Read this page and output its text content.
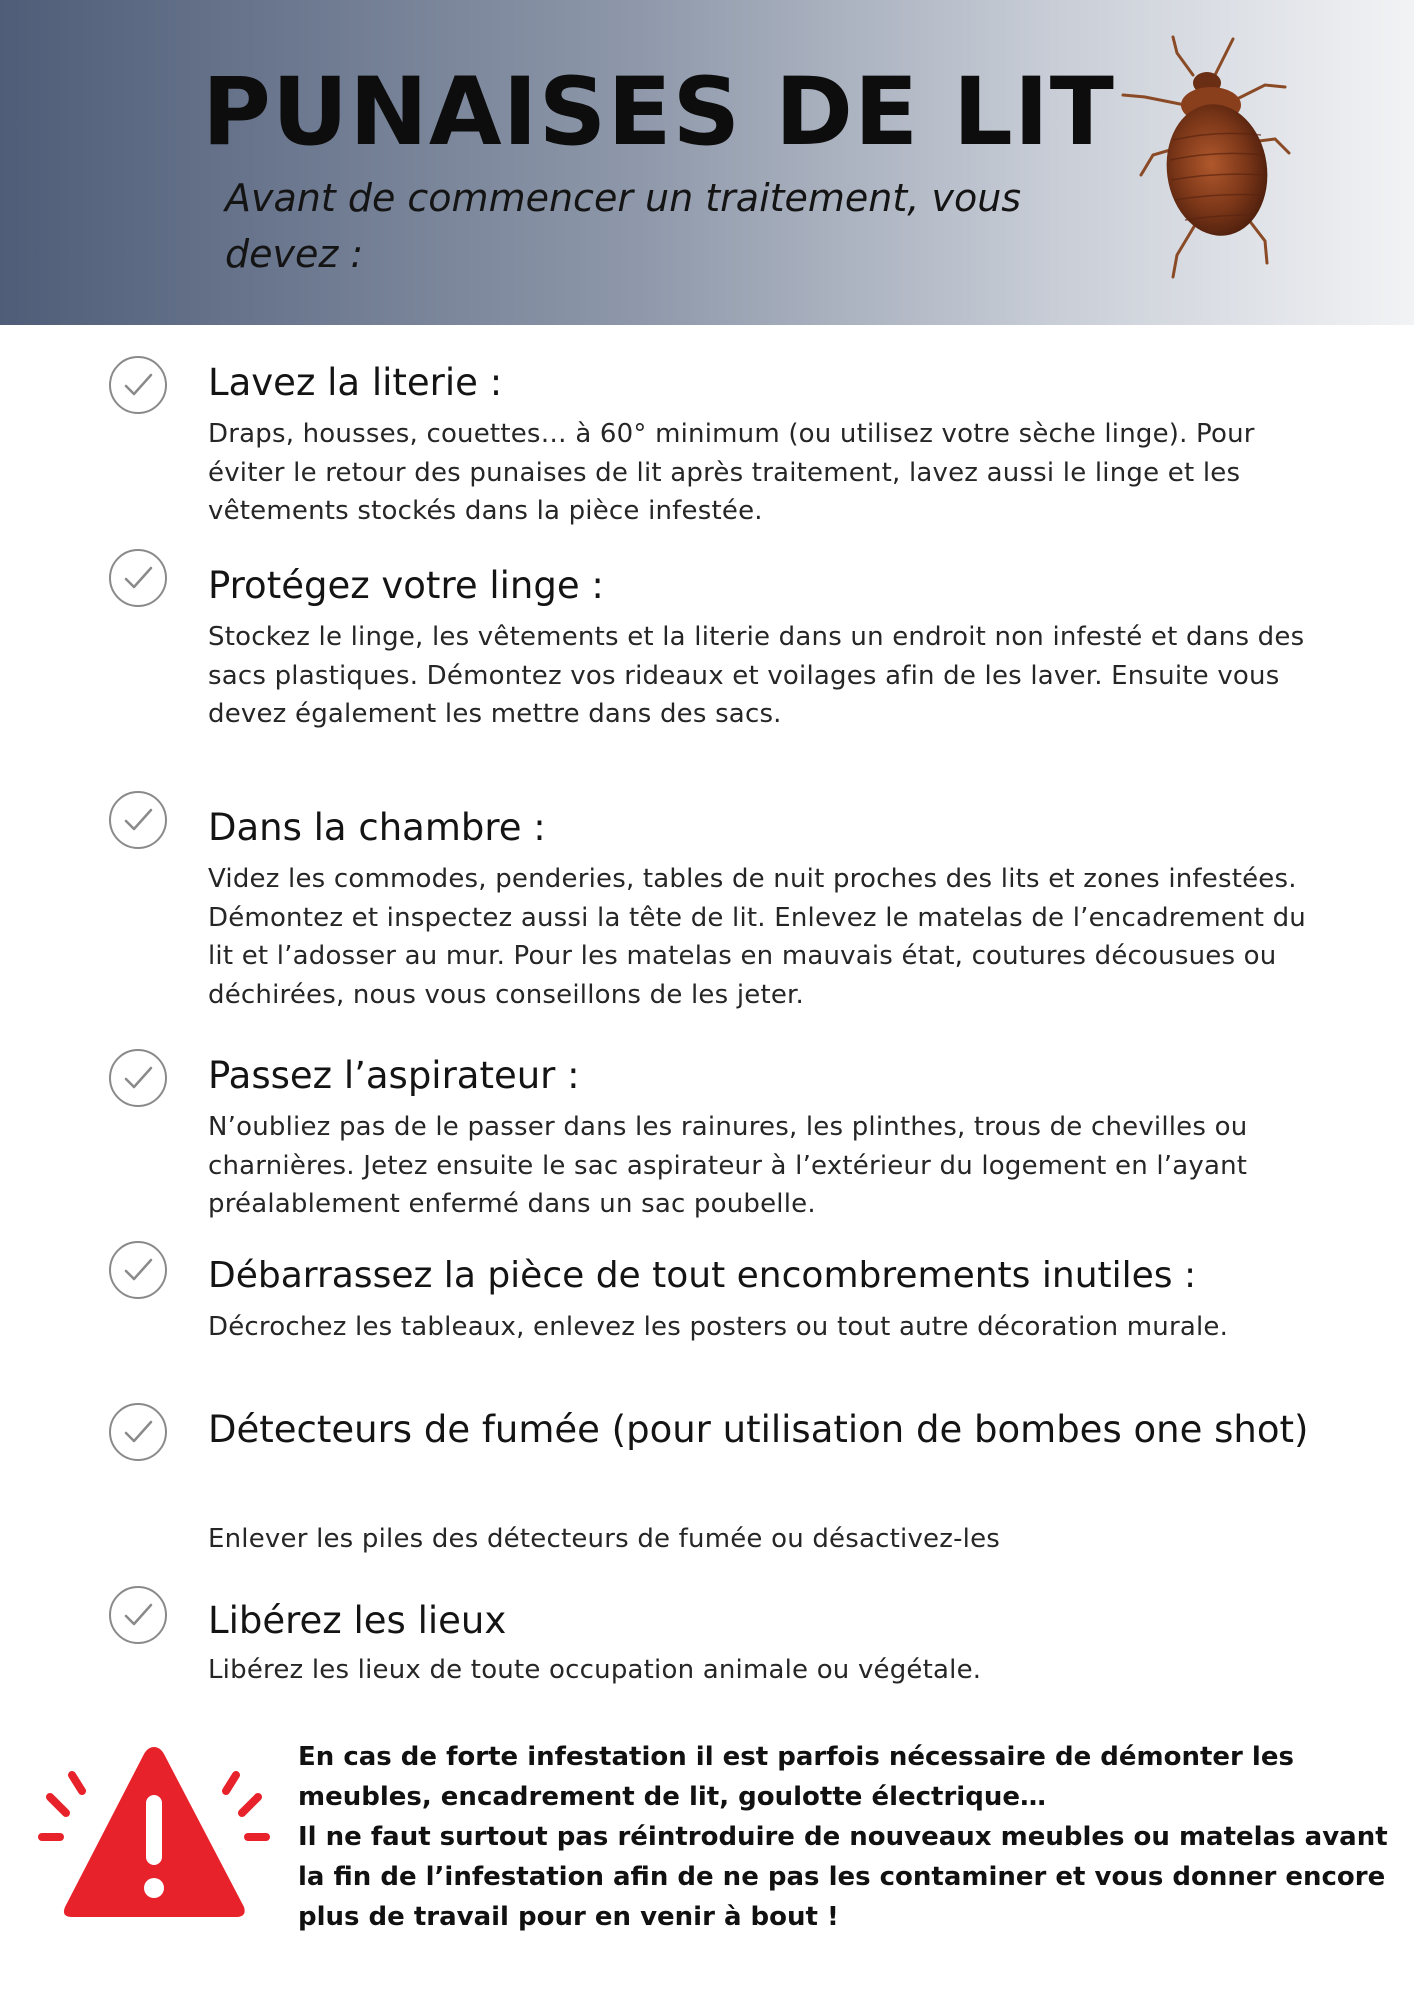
PUNAISES DE LIT

Avant de commencer un traitement, vous devez :

Lavez la literie :

Draps, housses, couettes… à 60° minimum (ou utilisez votre sèche linge). Pour éviter le retour des punaises de lit après traitement, lavez aussi le linge et les vêtements stockés dans la pièce infestée.

Protégez votre linge :

Stockez le linge, les vêtements et la literie dans un endroit non infesté et dans des sacs plastiques. Démontez vos rideaux et voilages afin de les laver. Ensuite vous devez également les mettre dans des sacs.

Dans la chambre :

Videz les commodes, penderies, tables de nuit proches des lits et zones infestées. Démontez et inspectez aussi la tête de lit. Enlevez le matelas de l’encadrement du lit et l’adosser au mur. Pour les matelas en mauvais état, coutures décousues ou déchirées, nous vous conseillons de les jeter.

Passez l’aspirateur :

N’oubliez pas de le passer dans les rainures, les plinthes, trous de chevilles ou charnières. Jetez ensuite le sac aspirateur à l’extérieur du logement en l’ayant préalablement enfermé dans un sac poubelle.

Débarrassez la pièce de tout encombrements inutiles :

Décrochez les tableaux, enlevez les posters ou tout autre décoration murale.

Détecteurs de fumée (pour utilisation de bombes one shot)

Enlever les piles des détecteurs de fumée ou désactivez-les

Libérez les lieux

Libérez les lieux de toute occupation animale ou végétale.

En cas de forte infestation il est parfois nécessaire de démonter les meubles, encadrement de lit, goulotte électrique…
Il ne faut surtout pas réintroduire de nouveaux meubles ou matelas avant la fin de l’infestation afin de ne pas les contaminer et vous donner encore plus de travail pour en venir à bout !
